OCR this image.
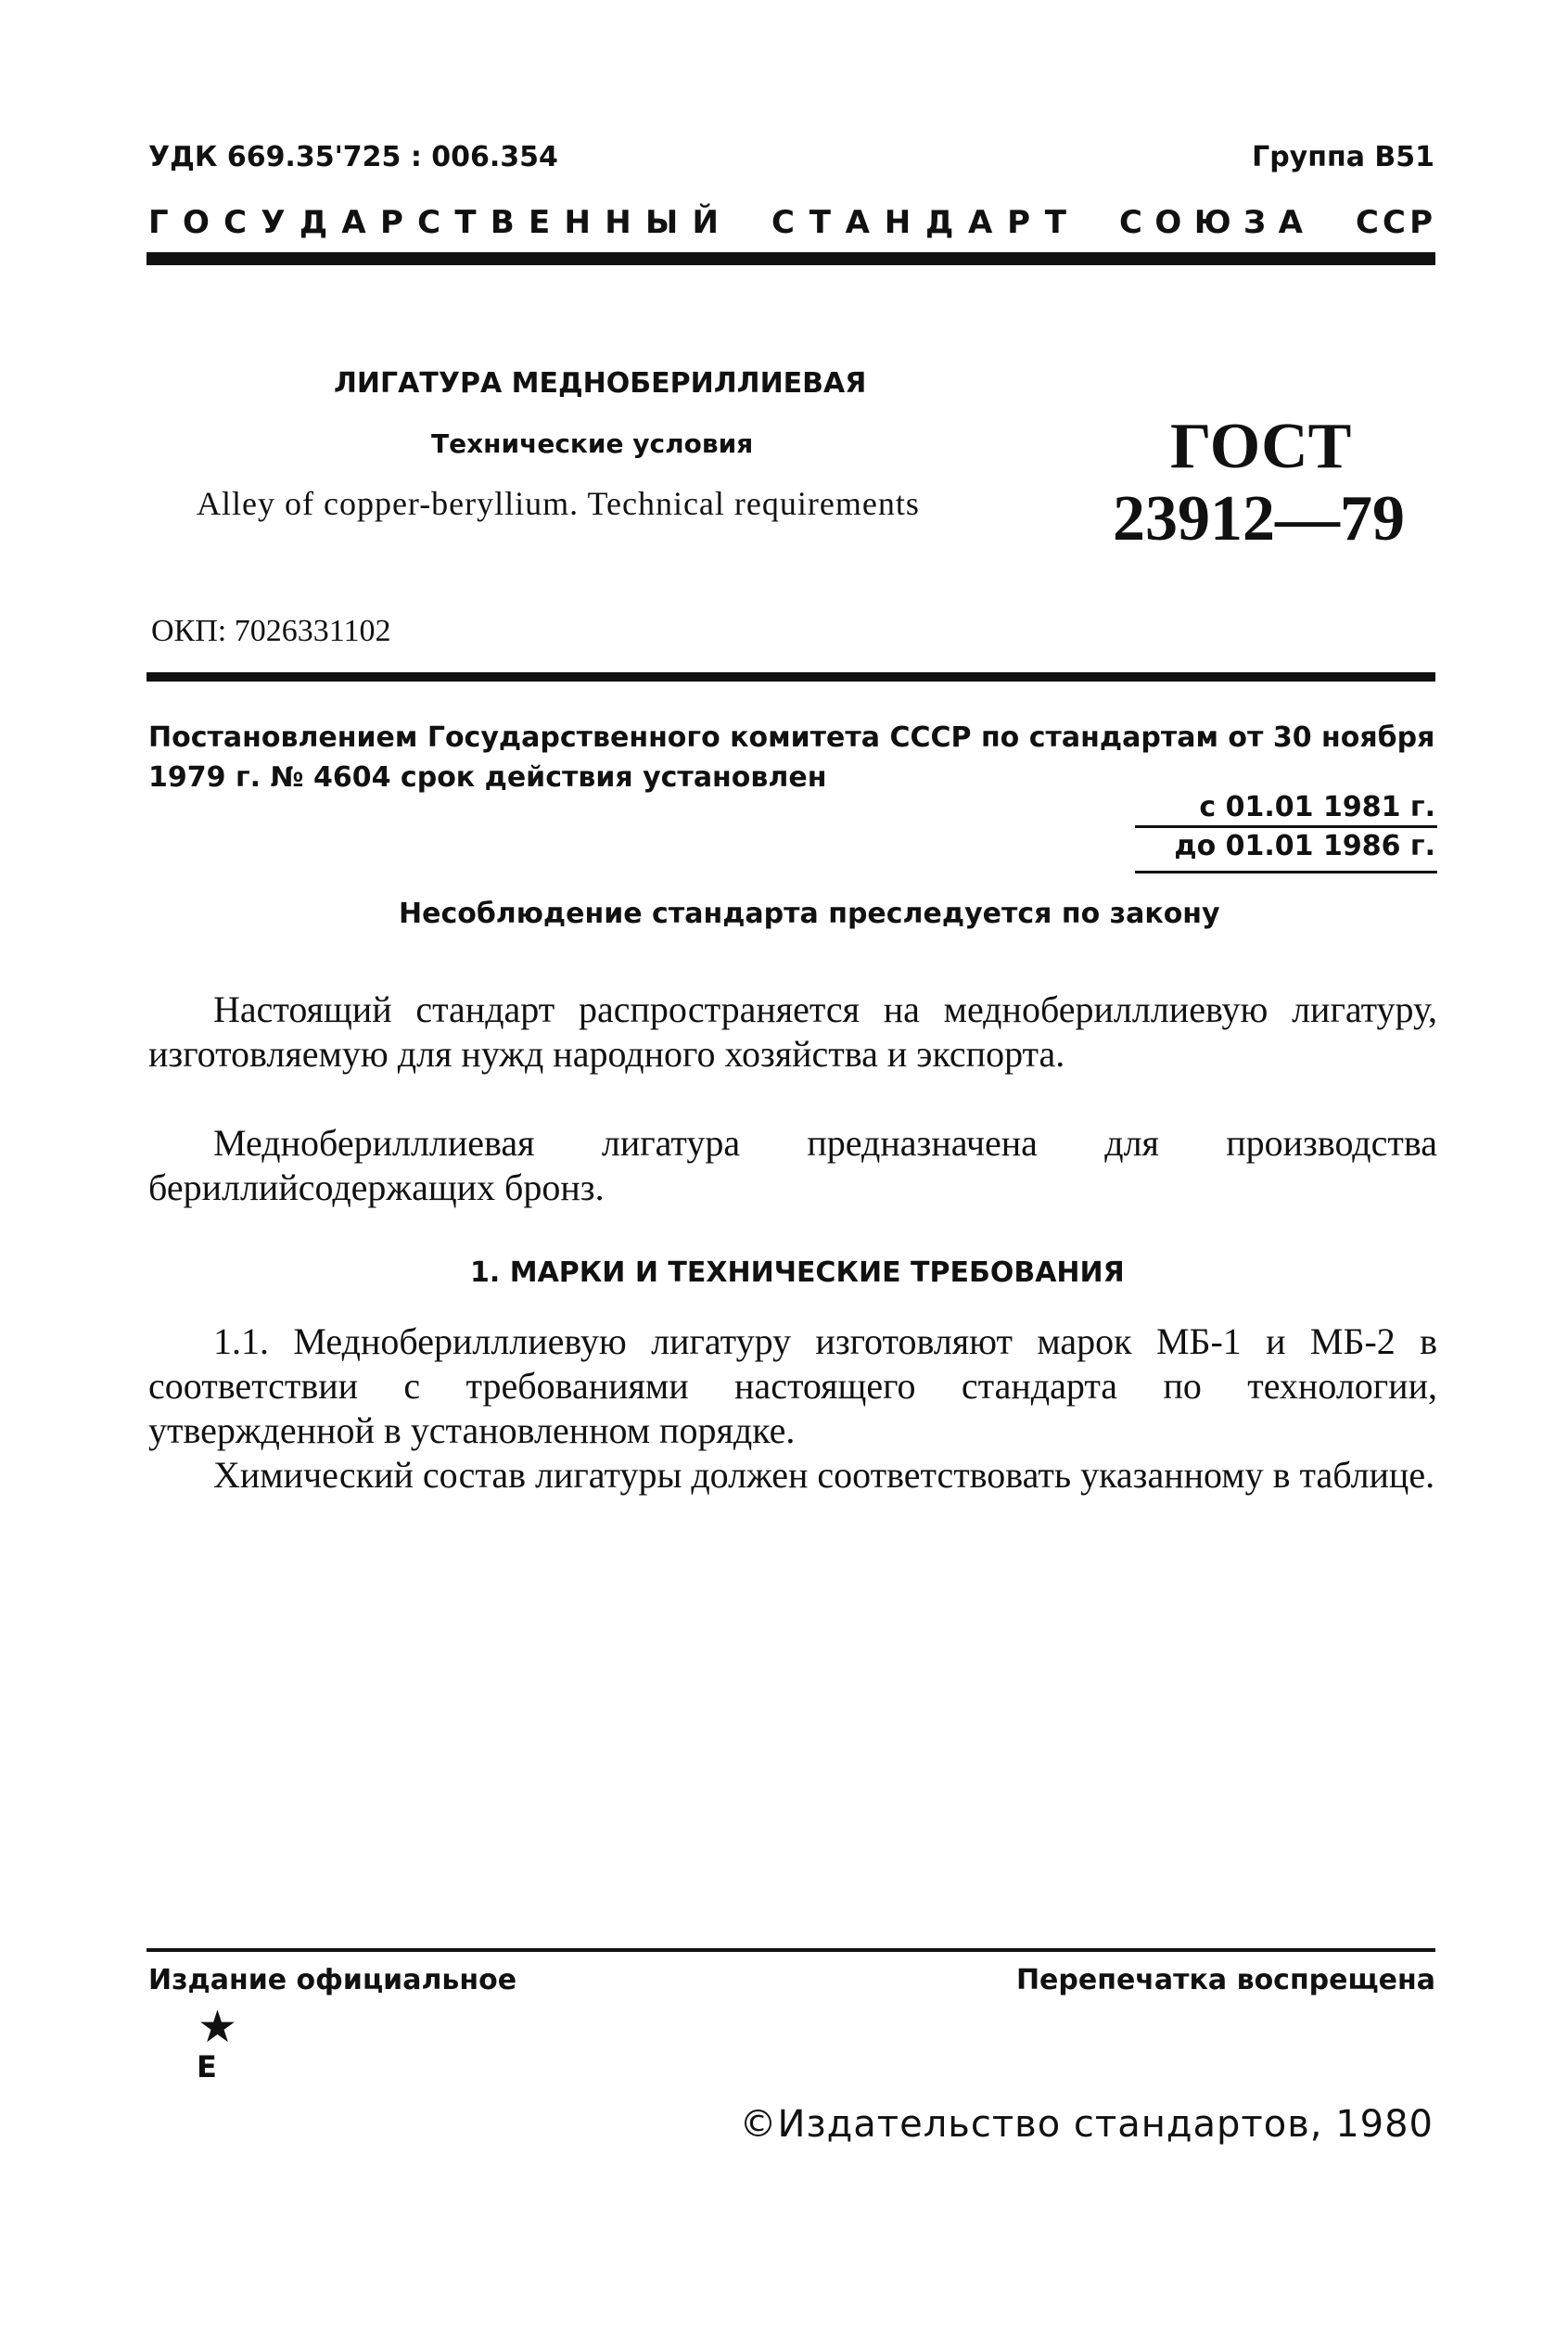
УДК 669.35'725 : 006.354	Группа В51
Г О С У Д А Р С Т В Е Н Н Ы Й С Т А Н Д А Р Т С О Ю З А С С Р
ЛИГАТУРА МЕДНОБЕРИЛЛИЕВАЯ
Технические условия
Alley of copper-beryllium. Technical requirements
ГОСТ
23912—79
ОКП: 7026331102
Постановлением Государственного комитета СССР по стандартам от 30 ноября 1979 г. № 4604 срок действия установлен
с 01.01 1981 г.
до 01.01 1986 г.
Несоблюдение стандарта преследуется по закону

Настоящий стандарт распространяется на медноберилллиевую лигатуру, изготовляемую для нужд народного хозяйства и экспорта.

Медноберилллиевая лигатура предназначена для производства бериллийсодержащих бронз.

1. МАРКИ И ТЕХНИЧЕСКИЕ ТРЕБОВАНИЯ

1.1. Медноберилллиевую лигатуру изготовляют марок МБ-1 и МБ-2 в соответствии с требованиями настоящего стандарта по технологии, утвержденной в установленном порядке.

Химический состав лигатуры должен соответствовать указанному в таблице.

Издание официальное	Перепечатка воспрещена
★
Е
©Издательство стандартов, 1980
